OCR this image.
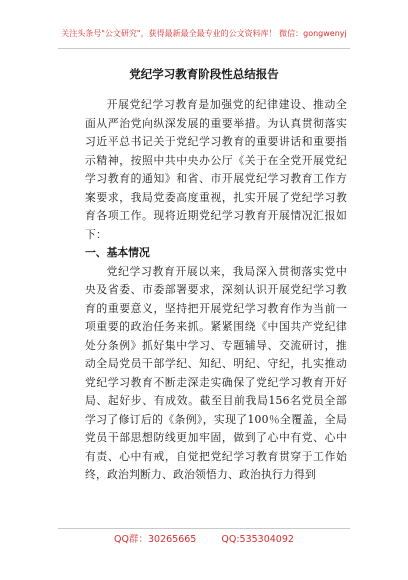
关注头条号"公文研究"，获得最新最全最专业的公文资料库！ 微信：gongwenyj
党纪学习教育阶段性总结报告

开展党纪学习教育是加强党的纪律建设、推动全面从严治党向纵深发展的重要举措。为认真贯彻落实习近平总书记关于党纪学习教育的重要讲话和重要指示精神，按照中共中央办公厅《关于在全党开展党纪学习教育的通知》和省、市开展党纪学习教育工作方案要求，我局党委高度重视，扎实开展了党纪学习教育各项工作。现将近期党纪学习教育开展情况汇报如下：

一、基本情况

党纪学习教育开展以来，我局深入贯彻落实党中央及省委、市委部署要求，深刻认识开展党纪学习教育的重要意义，坚持把开展党纪学习教育作为当前一项重要的政治任务来抓。紧紧围绕《中国共产党纪律处分条例》抓好集中学习、专题辅导、交流研讨，推动全局党员干部学纪、知纪、明纪、守纪，扎实推动党纪学习教育不断走深走实确保了党纪学习教育开好局、起好步、有成效。截至目前我局156名党员全部学习了修订后的《条例》，实现了100％全覆盖，全局党员干部思想防线更加牢固，做到了心中有党、心中有责、心中有戒，自觉把党纪学习教育贯穿于工作始终，政治判断力、政治领悟力、政治执行力得到

QQ群：30265665	QQ:535304092
